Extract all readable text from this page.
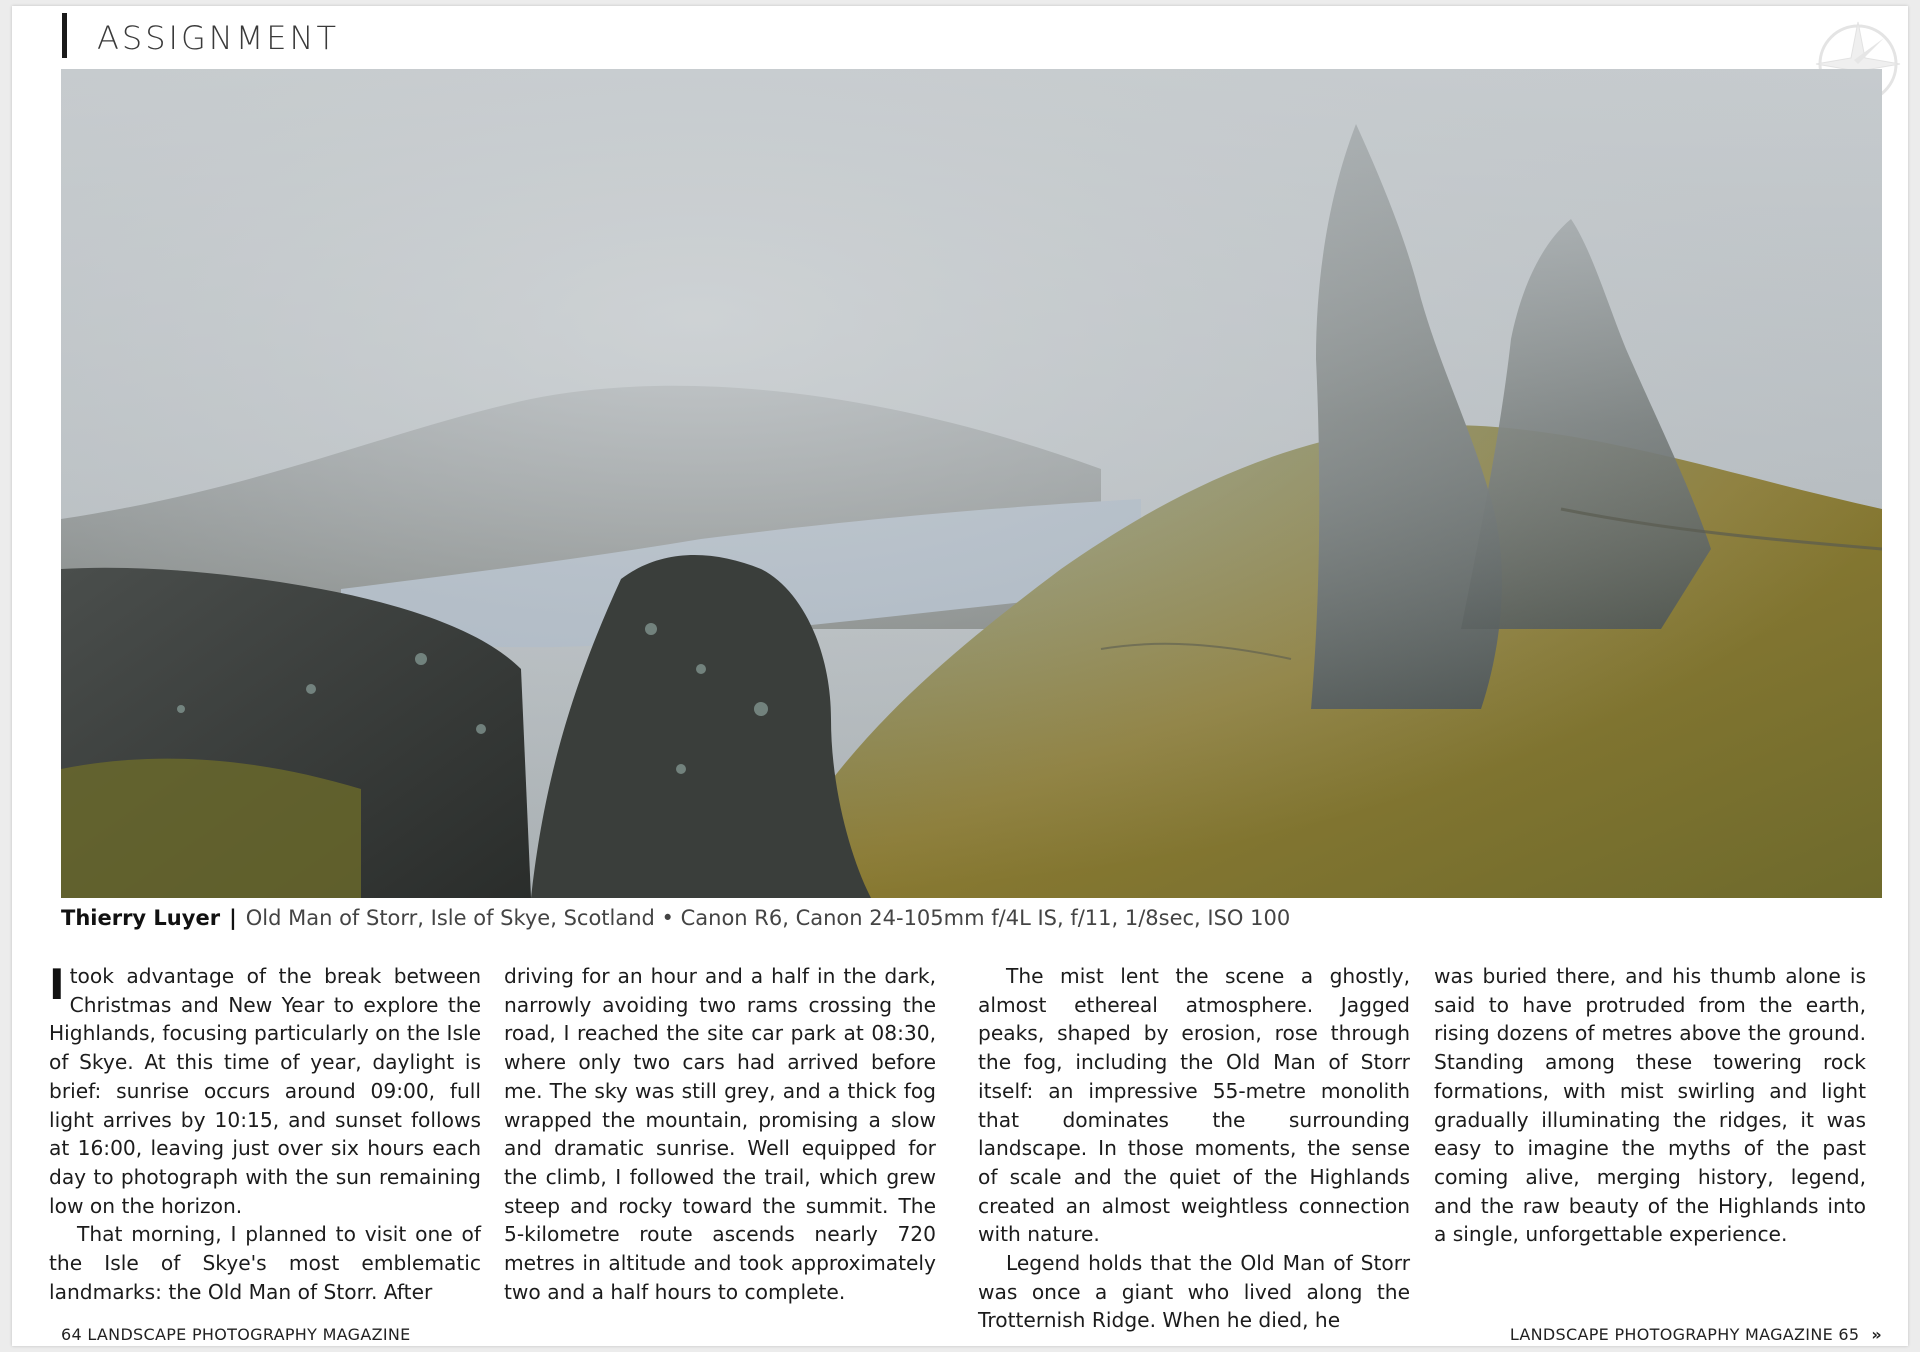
ASSIGNMENT
Thierry Luyer | Old Man of Storr, Isle of Skye, Scotland • Canon R6, Canon 24-105mm f/4L IS, f/11, 1/8sec, ISO 100

Itook advantage of the break between Christmas and New Year to explore the Highlands, focusing particularly on the Isle of Skye. At this time of year, daylight is brief: sunrise occurs around 09:00, full light arrives by 10:15, and sunset follows at 16:00, leaving just over six hours each day to photograph with the sun remaining low on the horizon.

That morning, I planned to visit one of the Isle of Skye's most emblematic landmarks: the Old Man of Storr. After

driving for an hour and a half in the dark, narrowly avoiding two rams crossing the road, I reached the site car park at 08:30, where only two cars had arrived before me. The sky was still grey, and a thick fog wrapped the mountain, promising a slow and dramatic sunrise. Well equipped for the climb, I followed the trail, which grew steep and rocky toward the summit. The 5-kilometre route ascends nearly 720 metres in altitude and took approximately two and a half hours to complete.

The mist lent the scene a ghostly, almost ethereal atmosphere. Jagged peaks, shaped by erosion, rose through the fog, including the Old Man of Storr itself: an impressive 55-metre monolith that dominates the surrounding landscape. In those moments, the sense of scale and the quiet of the Highlands created an almost weightless connection with nature.

Legend holds that the Old Man of Storr was once a giant who lived along the Trotternish Ridge. When he died, he

was buried there, and his thumb alone is said to have protruded from the earth, rising dozens of metres above the ground. Standing among these towering rock formations, with mist swirling and light gradually illuminating the ridges, it was easy to imagine the myths of the past coming alive, merging history, legend, and the raw beauty of the Highlands into a single, unforgettable experience.

64 LANDSCAPE PHOTOGRAPHY MAGAZINE	LANDSCAPE PHOTOGRAPHY MAGAZINE 65 »
